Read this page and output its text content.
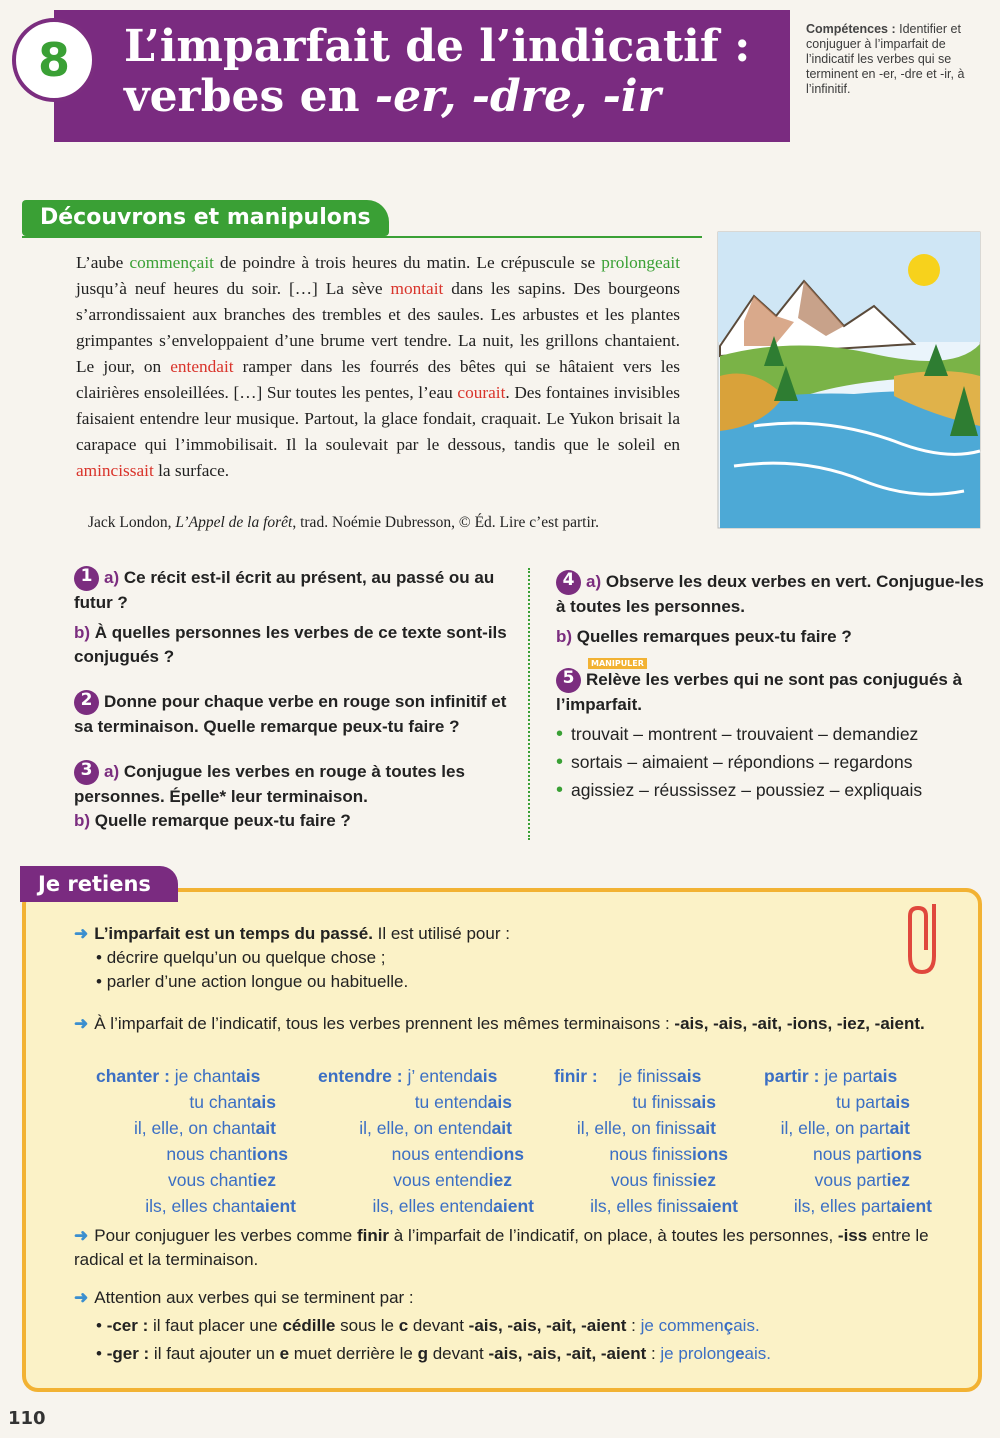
8 L’imparfait de l’indicatif :
verbes en -er, -dre, -ir
Compétences : Identifier et conjuguer à l’imparfait de l’indicatif les verbes qui se terminent en -er, -dre et -ir, à l’infinitif.
Découvrons et manipulons
L’aube commençait de poindre à trois heures du matin. Le crépuscule se prolongeait jusqu’à neuf heures du soir. […] La sève montait dans les sapins. Des bourgeons s’arrondissaient aux branches des trembles et des saules. Les arbustes et les plantes grimpantes s’enveloppaient d’une brume vert tendre. La nuit, les grillons chantaient. Le jour, on entendait ramper dans les fourrés des bêtes qui se hâtaient vers les clairières ensoleillées. […] Sur toutes les pentes, l’eau courait. Des fontaines invisibles faisaient entendre leur musique. Partout, la glace fondait, craquait. Le Yukon brisait la carapace qui l’immobilisait. Il la soulevait par le dessous, tandis que le soleil en amincissait la surface.
Jack London, L’Appel de la forêt, trad. Noémie Dubresson, © Éd. Lire c’est partir.
1 a) Ce récit est-il écrit au présent, au passé ou au futur ?
b) À quelles personnes les verbes de ce texte sont-ils conjugués ?
2 Donne pour chaque verbe en rouge son infinitif et sa terminaison. Quelle remarque peux-tu faire ?
3 a) Conjugue les verbes en rouge à toutes les personnes. Épelle* leur terminaison.
b) Quelle remarque peux-tu faire ?
4 a) Observe les deux verbes en vert. Conjugue-les à toutes les personnes.
b) Quelles remarques peux-tu faire ?
MANIPULER
5 Relève les verbes qui ne sont pas conjugués à l’imparfait.
• trouvait – montrent – trouvaient – demandiez
• sortais – aimaient – répondions – regardons
• agissiez – réussissez – poussiez – expliquais
Je retiens
➜ L’imparfait est un temps du passé. Il est utilisé pour :
• décrire quelqu’un ou quelque chose ;
• parler d’une action longue ou habituelle.
➜ À l’imparfait de l’indicatif, tous les verbes prennent les mêmes terminaisons : -ais, -ais, -ait, -ions, -iez, -aient.
chanter : je chantais
tu chantais
il, elle, on chantait
nous chantions
vous chantiez
ils, elles chantaient
entendre : j’ entendais
tu entendais
il, elle, on entendait
nous entendions
vous entendiez
ils, elles entendaient
finir : je finissais
tu finissais
il, elle, on finissait
nous finissions
vous finissiez
ils, elles finissaient
partir : je partais
tu partais
il, elle, on partait
nous partions
vous partiez
ils, elles partaient
➜ Pour conjuguer les verbes comme finir à l’imparfait de l’indicatif, on place, à toutes les personnes, -iss entre le radical et la terminaison.
➜ Attention aux verbes qui se terminent par :
• -cer : il faut placer une cédille sous le c devant -ais, -ais, -ait, -aient : je commençais.
• -ger : il faut ajouter un e muet derrière le g devant -ais, -ais, -ait, -aient : je prolongeais.
110
